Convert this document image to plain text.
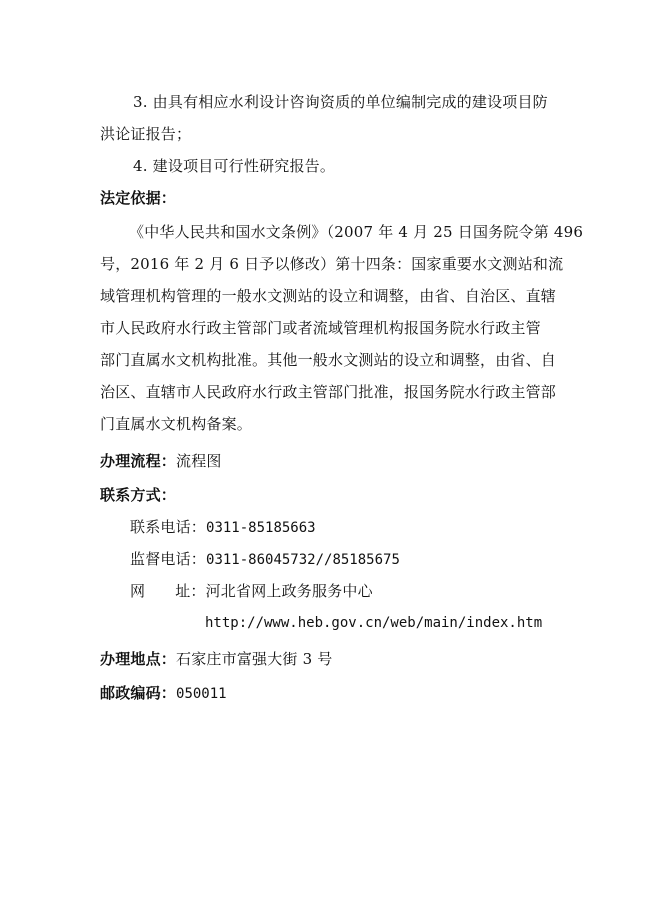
3. 由具有相应水利设计咨询资质的单位编制完成的建设项目防
洪论证报告；
4. 建设项目可行性研究报告。
法定依据：
《中华人民共和国水文条例》（2007 年 4 月 25 日国务院令第 496
号，2016 年 2 月 6 日予以修改）第十四条：国家重要水文测站和流
域管理机构管理的一般水文测站的设立和调整，由省、自治区、直辖
市人民政府水行政主管部门或者流域管理机构报国务院水行政主管
部门直属水文机构批准。其他一般水文测站的设立和调整，由省、自
治区、直辖市人民政府水行政主管部门批准，报国务院水行政主管部
门直属水文机构备案。
办理流程：流程图
联系方式：
联系电话：0311-85185663
监督电话：0311-86045732//85185675
网 址：河北省网上政务服务中心
http://www.heb.gov.cn/web/main/index.htm
办理地点：石家庄市富强大街 3 号
邮政编码：050011
